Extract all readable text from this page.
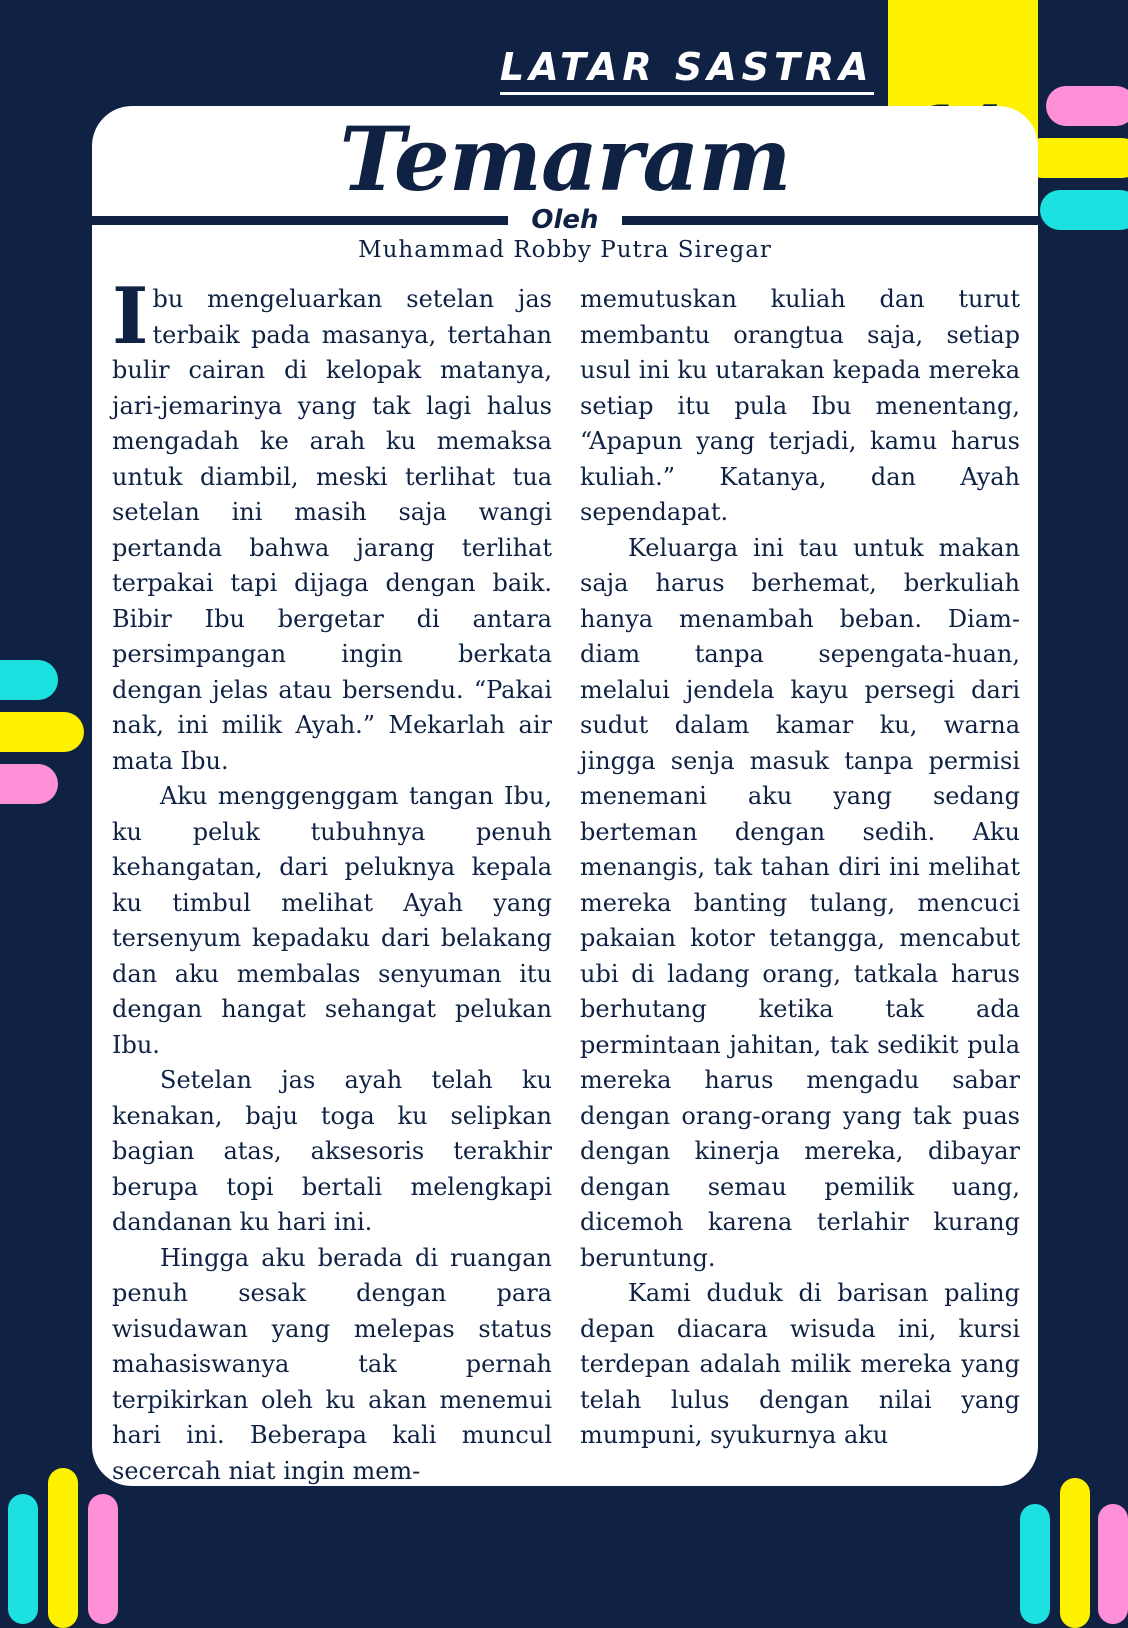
LATAR SASTRA
Temaram
Oleh
Muhammad Robby Putra Siregar

Ibu mengeluarkan setelan jas terbaik pada masanya, tertahan bulir cairan di kelopak matanya, jari-jemarinya yang tak lagi halus mengadah ke arah ku memaksa untuk diambil, meski terlihat tua setelan ini masih saja wangi pertanda bahwa jarang terlihat terpakai tapi dijaga dengan baik. Bibir Ibu bergetar di antara persimpangan ingin berkata dengan jelas atau bersendu. “Pakai nak, ini milik Ayah.” Mekarlah air mata Ibu.

Aku menggenggam tangan Ibu, ku peluk tubuhnya penuh kehangatan, dari peluknya kepala ku timbul melihat Ayah yang tersenyum kepadaku dari belakang dan aku membalas senyuman itu dengan hangat sehangat pelukan Ibu.

Setelan jas ayah telah ku kenakan, baju toga ku selipkan bagian atas, aksesoris terakhir berupa topi bertali melengkapi dandanan ku hari ini.

Hingga aku berada di ruangan penuh sesak dengan para wisudawan yang melepas status mahasiswanya tak pernah terpikirkan oleh ku akan menemui hari ini. Beberapa kali muncul secercah niat ingin mem-

memutuskan kuliah dan turut membantu orangtua saja, setiap usul ini ku utarakan kepada mereka setiap itu pula Ibu menentang, “Apapun yang terjadi, kamu harus kuliah.” Katanya, dan Ayah sependapat.

Keluarga ini tau untuk makan saja harus berhemat, berkuliah hanya menambah beban. Diam-diam tanpa sepengata-huan, melalui jendela kayu persegi dari sudut dalam kamar ku, warna jingga senja masuk tanpa permisi menemani aku yang sedang berteman dengan sedih. Aku menangis, tak tahan diri ini melihat mereka banting tulang, mencuci pakaian kotor tetangga, mencabut ubi di ladang orang, tatkala harus berhutang ketika tak ada permintaan jahitan, tak sedikit pula mereka harus mengadu sabar dengan orang-orang yang tak puas dengan kinerja mereka, dibayar dengan semau pemilik uang, dicemoh karena terlahir kurang beruntung.

Kami duduk di barisan paling depan diacara wisuda ini, kursi terdepan adalah milik mereka yang telah lulus dengan nilai yang mumpuni, syukurnya aku
